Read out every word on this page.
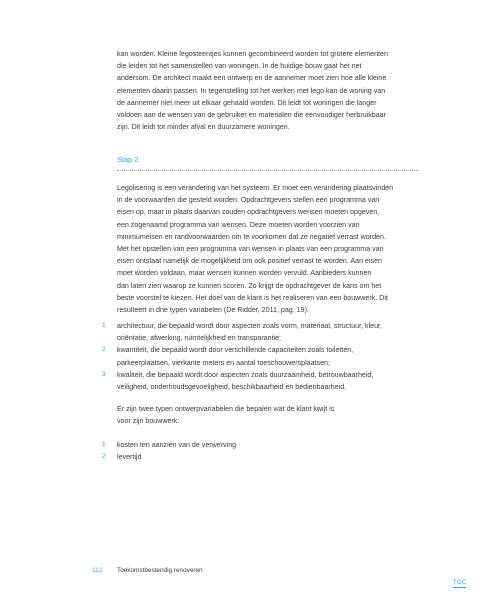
kan worden. Kleine legosteentjes kunnen gecombineerd worden tot grotere elementen
die leiden tot het samenstellen van woningen. In de huidige bouw gaat het net
andersom. De architect maakt een ontwerp en de aannemer moet zien hoe alle kleine
elementen daarin passen. In tegenstelling tot het werken met lego kan de woning van
de aannemer niet meer uit elkaar gehaald worden. Dit leidt tot woningen die langer
voldoen aan de wensen van de gebruiker en materialen die eenvoudiger herbruikbaar
zijn. Dit leidt tot minder afval en duurzamere woningen.
Stap 2
Legolisering is een verandering van het systeem. Er moet een verandering plaatsvinden
in de voorwaarden die gesteld worden. Opdrachtgevers stellen een programma van
eisen op, maar in plaats daarvan zouden opdrachtgevers wensen moeten opgeven,
een zogenaamd programma van wensen. Deze moeten worden voorzien van
minimumeisen en randvoorwaarden om te voorkomen dat ze negatief verrast worden.
Met het opstellen van een programma van wensen in plaats van een programma van
eisen ontstaat namelijk de mogelijkheid om ook positief verrast te worden. Aan eisen
moet worden voldaan, maar wensen kunnen worden vervuld. Aanbieders kunnen
dan laten zien waarop ze kunnen scoren. Zo krijgt de opdrachtgever de kans om het
beste voorstel te kiezen. Het doel van de klant is het realiseren van een bouwwerk. Dit
resulteert in drie typen variabelen (De Ridder, 2011, pag. 19):
1 architectuur, die bepaald wordt door aspecten zoals vorm, materiaal, structuur, kleur,
oriëntatie, afwerking, ruimtelijkheid en transparantie;
2 kwantiteit, die bepaald wordt door verschillende capaciteiten zoals toiletten,
parkeerplaatsen, vierkante meters en aantal toeschouwersplaatsen;
3 kwaliteit, die bepaald wordt door aspecten zoals duurzaamheid, betrouwbaarheid,
veiligheid, onderhoudsgevoeligheid, beschikbaarheid en bedienbaarheid.
Er zijn twee typen ontwerpvariabelen die bepalen wat de klant kwijt is
voor zijn bouwwerk:
1 kosten ten aanzien van de verwerving
2 levertijd
112 Toekomstbestendig renoveren
TOC
